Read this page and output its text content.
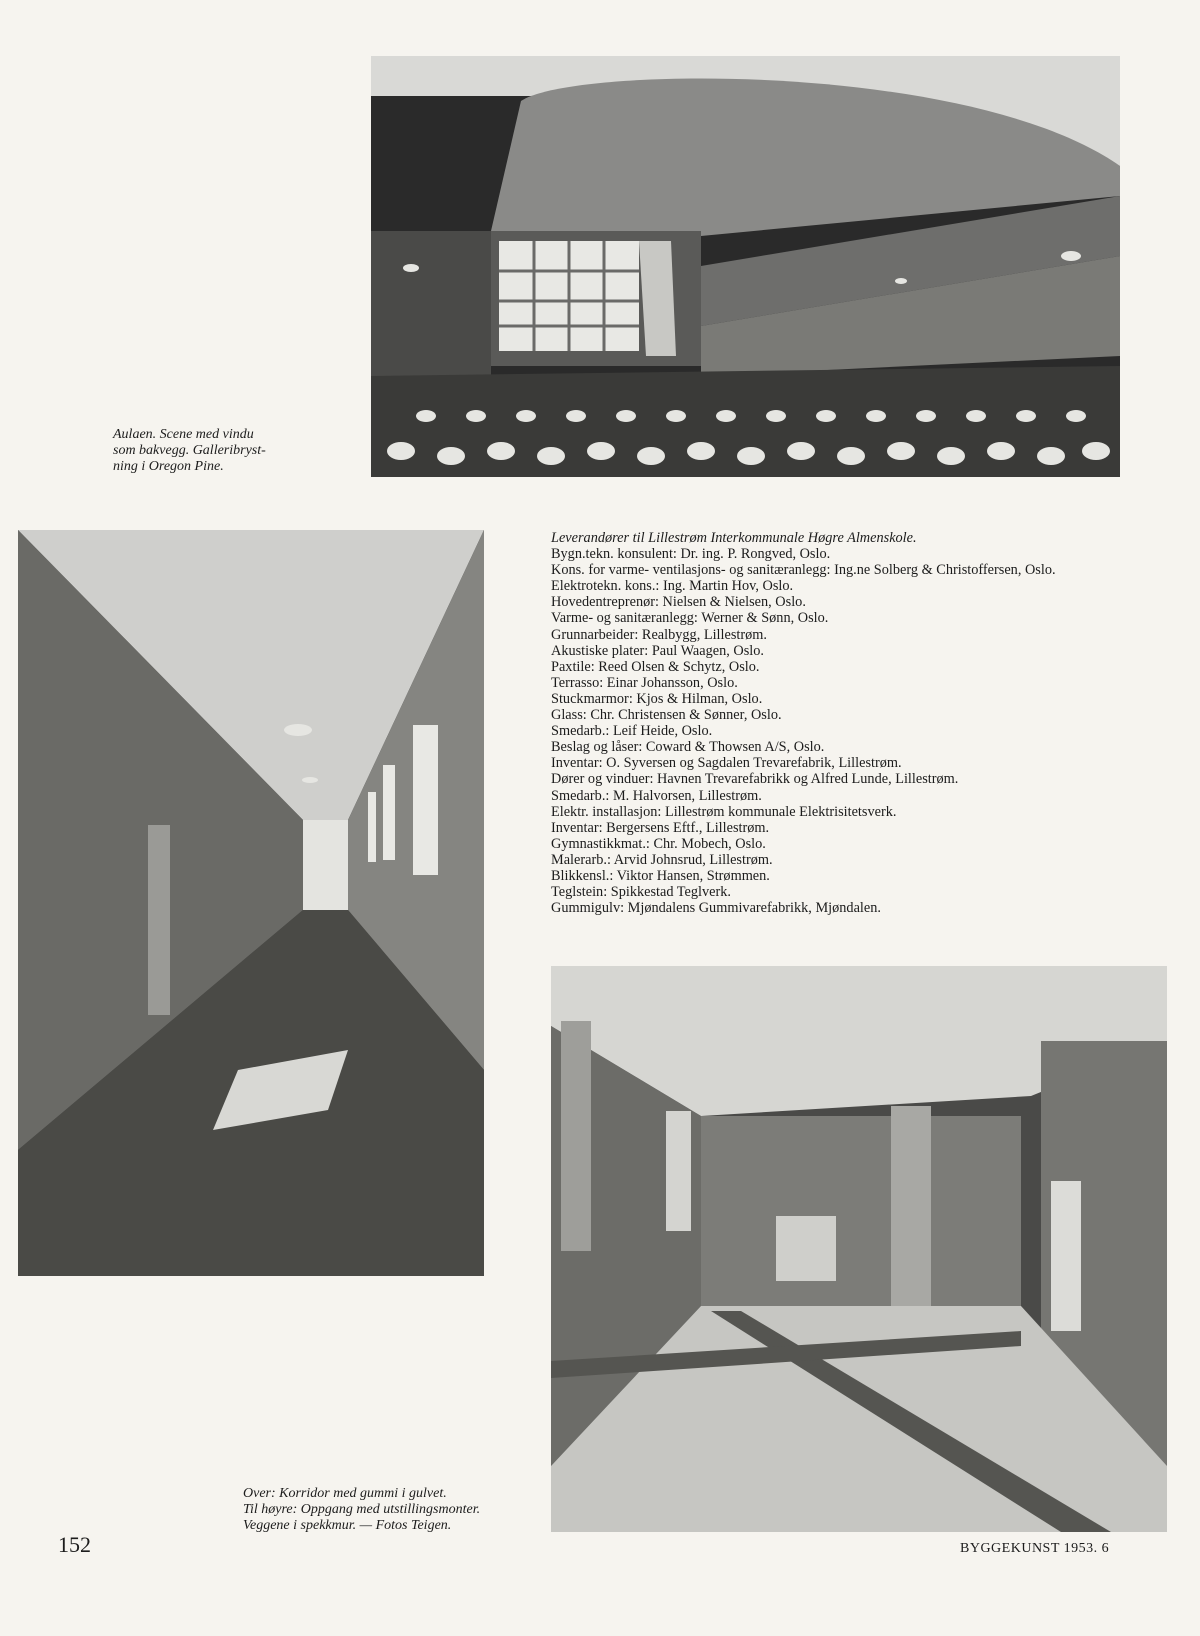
Aulaen. Scene med vindu
som bakvegg. Galleribryst-
ning i Oregon Pine.

Leverandører til Lillestrøm Interkommunale Høgre Almenskole.

Bygn.tekn. konsulent: Dr. ing. P. Rongved, Oslo.
Kons. for varme- ventilasjons- og sanitæranlegg: Ing.ne Solberg & Christoffersen, Oslo.
Elektrotekn. kons.: Ing. Martin Hov, Oslo.
Hovedentreprenør: Nielsen & Nielsen, Oslo.
Varme- og sanitæranlegg: Werner & Sønn, Oslo.
Grunnarbeider: Realbygg, Lillestrøm.
Akustiske plater: Paul Waagen, Oslo.
Paxtile: Reed Olsen & Schytz, Oslo.
Terrasso: Einar Johansson, Oslo.
Stuckmarmor: Kjos & Hilman, Oslo.
Glass: Chr. Christensen & Sønner, Oslo.
Smedarb.: Leif Heide, Oslo.
Beslag og låser: Coward & Thowsen A/S, Oslo.
Inventar: O. Syversen og Sagdalen Trevarefabrik, Lillestrøm.
Dører og vinduer: Havnen Trevarefabrikk og Alfred Lunde, Lillestrøm.
Smedarb.: M. Halvorsen, Lillestrøm.
Elektr. installasjon: Lillestrøm kommunale Elektrisitetsverk.
Inventar: Bergersens Eftf., Lillestrøm.
Gymnastikkmat.: Chr. Mobech, Oslo.
Malerarb.: Arvid Johnsrud, Lillestrøm.
Blikkensl.: Viktor Hansen, Strømmen.
Teglstein: Spikkestad Teglverk.
Gummigulv: Mjøndalens Gummivarefabrikk, Mjøndalen.

Over: Korridor med gummi i gulvet.
Til høyre: Oppgang med utstillingsmonter.
Veggene i spekkmur. — Fotos Teigen.

152	BYGGEKUNST 1953. 6
